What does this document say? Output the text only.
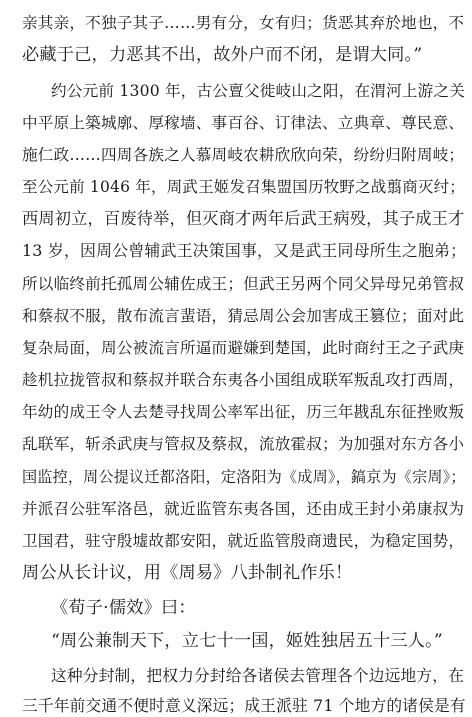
亲其亲，不独子其子……男有分，女有归；货恶其弃於地也，不
必藏于己，力恶其不出，故外户而不闭，是谓大同。”
约公元前 1300 年，古公亶父徙岐山之阳，在渭河上游之关
中平原上築城廓、厚稼墙、事百谷、订律法、立典章、尊民意、
施仁政……四周各族之人慕周岐农耕欣欣向荣，纷纷归附周岐；
至公元前 1046 年，周武王姬发召集盟国历牧野之战翦商灭纣；
西周初立，百废待举，但灭商才两年后武王病殁，其子成王才
13 岁，因周公曾辅武王决策国事，又是武王同母所生之胞弟；
所以临终前托孤周公辅佐成王；但武王另两个同父异母兄弟管叔
和蔡叔不服，散布流言蜚语，猜忌周公会加害成王篡位；面对此
复杂局面，周公被流言所逼而避嫌到楚国，此时商纣王之子武庚
趁机拉拢管叔和蔡叔并联合东夷各小国组成联军叛乱攻打西周，
年幼的成王令人去楚寻找周公率军出征，历三年戡乱东征挫败叛
乱联军，斩杀武庚与管叔及蔡叔，流放霍叔；为加强对东方各小
国监控，周公提议迁都洛阳，定洛阳为《成周》，鎬京为《宗周》；
并派召公驻军洛邑，就近监管东夷各国，还由成王封小弟康叔为
卫国君，驻守殷墟故都安阳，就近监管殷商遗民，为稳定国势，
周公从长计议，用《周易》八卦制礼作乐！
《荀子·儒效》曰：
“周公兼制天下，立七十一国，姬姓独居五十三人。”
这种分封制，把权力分封给各诸侯去管理各个边远地方，在
三千年前交通不便时意义深远；成王派驻 71 个地方的诸侯是有
